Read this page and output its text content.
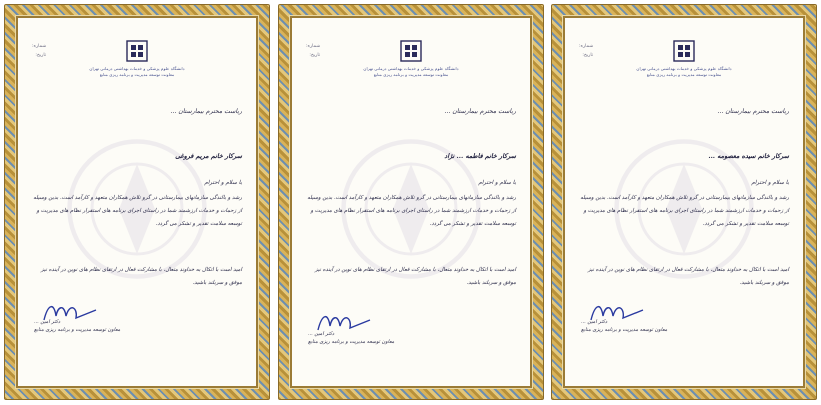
شماره:
تاریخ:
دانشگاه علوم پزشکی و خدمات بهداشتی درمانی تهران
معاونت توسعه مدیریت و برنامه ریزی منابع
ریاست محترم بیمارستان ...
سرکار خانم مریم فروغی
با سلام و احترام
رشد و بالندگی سازمانهای بیمارستانی در گرو تلاش همکاران متعهد و کارآمد است. بدین وسیله از زحمات و خدمات ارزشمند شما در راستای اجرای برنامه های استقرار نظام های مدیریت و توسعه سلامت تقدیر و تشکر می گردد.
امید است با اتکال به خداوند متعال، با مشارکت فعال در ارتقای نظام های نوین در آینده نیز موفق و سربلند باشید.
دکتر امین ...
معاون توسعه مدیریت و برنامه ریزی منابع
شماره:
تاریخ:
دانشگاه علوم پزشکی و خدمات بهداشتی درمانی تهران
معاونت توسعه مدیریت و برنامه ریزی منابع
ریاست محترم بیمارستان ...
سرکار خانم فاطمه ... نژاد
با سلام و احترام
رشد و بالندگی سازمانهای بیمارستانی در گرو تلاش همکاران متعهد و کارآمد است. بدین وسیله از زحمات و خدمات ارزشمند شما در راستای اجرای برنامه های استقرار نظام های مدیریت و توسعه سلامت تقدیر و تشکر می گردد.
امید است با اتکال به خداوند متعال، با مشارکت فعال در ارتقای نظام های نوین در آینده نیز موفق و سربلند باشید.
دکتر امین ...
معاون توسعه مدیریت و برنامه ریزی منابع
شماره:
تاریخ:
دانشگاه علوم پزشکی و خدمات بهداشتی درمانی تهران
معاونت توسعه مدیریت و برنامه ریزی منابع
ریاست محترم بیمارستان ...
سرکار خانم سیده معصومه ...
با سلام و احترام
رشد و بالندگی سازمانهای بیمارستانی در گرو تلاش همکاران متعهد و کارآمد است. بدین وسیله از زحمات و خدمات ارزشمند شما در راستای اجرای برنامه های استقرار نظام های مدیریت و توسعه سلامت تقدیر و تشکر می گردد.
امید است با اتکال به خداوند متعال، با مشارکت فعال در ارتقای نظام های نوین در آینده نیز موفق و سربلند باشید.
دکتر امین ...
معاون توسعه مدیریت و برنامه ریزی منابع
